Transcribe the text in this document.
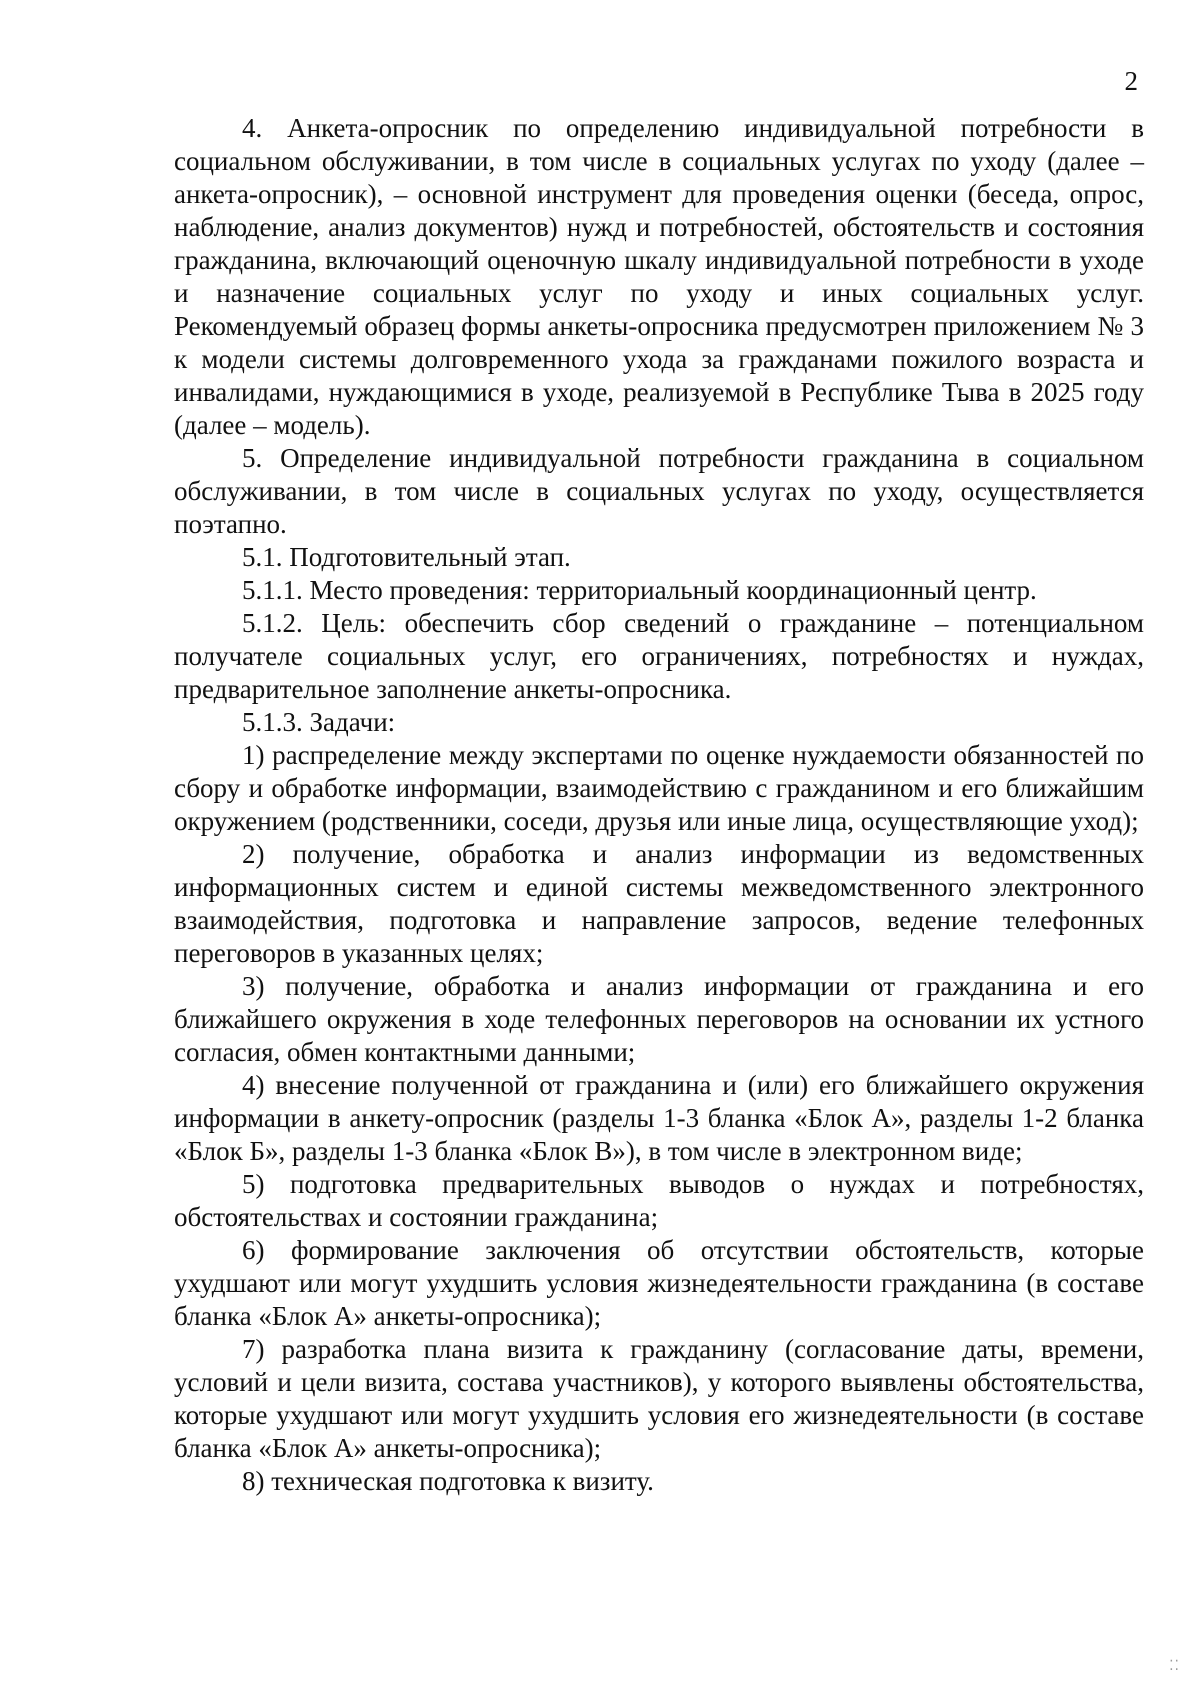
2

4. Анкета-опросник по определению индивидуальной потребности в социальном обслуживании, в том числе в социальных услугах по уходу (далее – анкета-опросник), – основной инструмент для проведения оценки (беседа, опрос, наблюдение, анализ документов) нужд и потребностей, обстоятельств и состояния гражданина, включающий оценочную шкалу индивидуальной потребности в уходе и назначение социальных услуг по уходу и иных социальных услуг. Рекомендуемый образец формы анкеты-опросника предусмотрен приложением № 3 к модели системы долговременного ухода за гражданами пожилого возраста и инвалидами, нуждающимися в уходе, реализуемой в Республике Тыва в 2025 году (далее – модель).

5. Определение индивидуальной потребности гражданина в социальном обслуживании, в том числе в социальных услугах по уходу, осуществляется поэтапно.

5.1. Подготовительный этап.

5.1.1. Место проведения: территориальный координационный центр.

5.1.2. Цель: обеспечить сбор сведений о гражданине – потенциальном получателе социальных услуг, его ограничениях, потребностях и нуждах, предварительное заполнение анкеты-опросника.

5.1.3. Задачи:

1) распределение между экспертами по оценке нуждаемости обязанностей по сбору и обработке информации, взаимодействию с гражданином и его ближайшим окружением (родственники, соседи, друзья или иные лица, осуществляющие уход);

2) получение, обработка и анализ информации из ведомственных информационных систем и единой системы межведомственного электронного взаимодействия, подготовка и направление запросов, ведение телефонных переговоров в указанных целях;

3) получение, обработка и анализ информации от гражданина и его ближайшего окружения в ходе телефонных переговоров на основании их устного согласия, обмен контактными данными;

4) внесение полученной от гражданина и (или) его ближайшего окружения информации в анкету-опросник (разделы 1-3 бланка «Блок А», разделы 1-2 бланка «Блок Б», разделы 1-3 бланка «Блок В»), в том числе в электронном виде;

5) подготовка предварительных выводов о нуждах и потребностях, обстоятельствах и состоянии гражданина;

6) формирование заключения об отсутствии обстоятельств, которые ухудшают или могут ухудшить условия жизнедеятельности гражданина (в составе бланка «Блок А» анкеты-опросника);

7) разработка плана визита к гражданину (согласование даты, времени, условий и цели визита, состава участников), у которого выявлены обстоятельства, которые ухудшают или могут ухудшить условия его жизнедеятельности (в составе бланка «Блок А» анкеты-опросника);

8) техническая подготовка к визиту.

⁚⁚
